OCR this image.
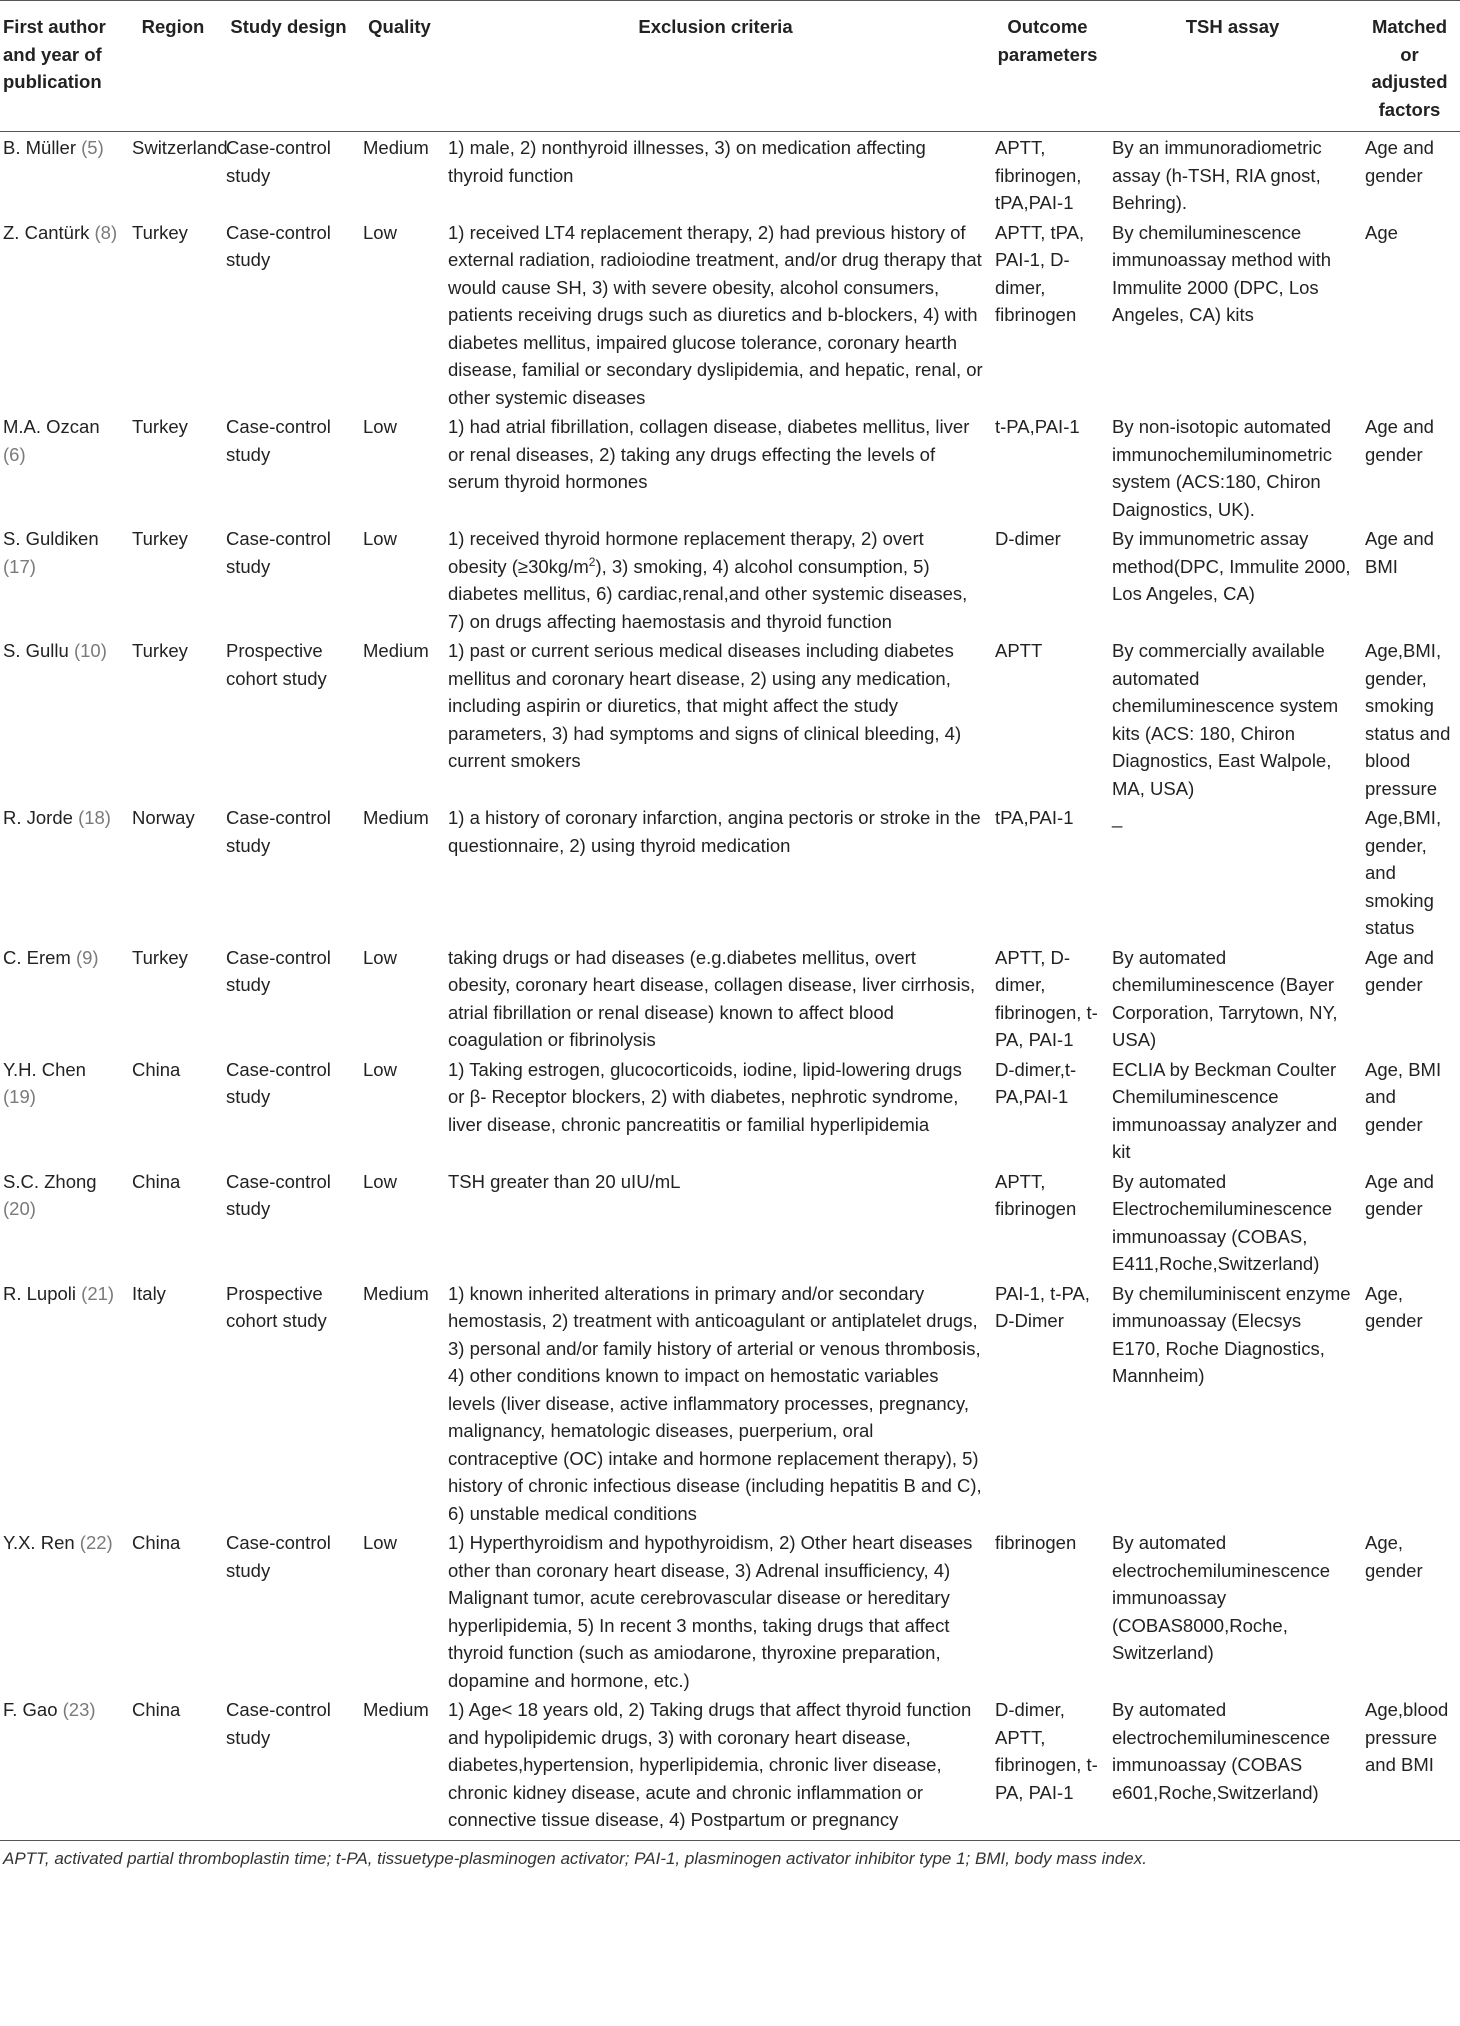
First author and year of publication	Region	Study design	Quality	Exclusion criteria	Outcome parameters	TSH assay	Matched or adjusted factors
B. Müller (5)	Switzerland	Case-control study	Medium	1) male, 2) nonthyroid illnesses, 3) on medication affecting thyroid function	APTT, fibrinogen, tPA,PAI-1	By an immunoradiometric assay (h-TSH, RIA gnost, Behring).	Age and gender
Z. Cantürk (8)	Turkey	Case-control study	Low	1) received LT4 replacement therapy, 2) had previous history of external radiation, radioiodine treatment, and/or drug therapy that would cause SH, 3) with severe obesity, alcohol consumers, patients receiving drugs such as diuretics and b-blockers, 4) with diabetes mellitus, impaired glucose tolerance, coronary hearth disease, familial or secondary dyslipidemia, and hepatic, renal, or other systemic diseases	APTT, tPA, PAI-1, D-dimer, fibrinogen	By chemiluminescence immunoassay method with Immulite 2000 (DPC, Los Angeles, CA) kits	Age
M.A. Ozcan (6)	Turkey	Case-control study	Low	1) had atrial fibrillation, collagen disease, diabetes mellitus, liver or renal diseases, 2) taking any drugs effecting the levels of serum thyroid hormones	t-PA,PAI-1	By non-isotopic automated immunochemiluminometric system (ACS:180, Chiron Daignostics, UK).	Age and gender
S. Guldiken (17)	Turkey	Case-control study	Low	1) received thyroid hormone replacement therapy, 2) overt obesity $(\ge 30kg/m^2)$, 3) smoking, 4) alcohol consumption, 5) diabetes mellitus, 6) cardiac,renal,and other systemic diseases, 7) on drugs affecting haemostasis and thyroid function	D-dimer	By immunometric assay method(DPC, Immulite 2000, Los Angeles, CA)	Age and BMI
S. Gullu (10)	Turkey	Prospective cohort study	Medium	1) past or current serious medical diseases including diabetes mellitus and coronary heart disease, 2) using any medication, including aspirin or diuretics, that might affect the study parameters, 3) had symptoms and signs of clinical bleeding, 4) current smokers	APTT	By commercially available automated chemiluminescence system kits (ACS: 180, Chiron Diagnostics, East Walpole, MA, USA)	Age,BMI, gender, smoking status and blood pressure
R. Jorde (18)	Norway	Case-control study	Medium	1) a history of coronary infarction, angina pectoris or stroke in the questionnaire, 2) using thyroid medication	tPA,PAI-1	_	Age,BMI, gender, and smoking status
C. Erem (9)	Turkey	Case-control study	Low	taking drugs or had diseases (e.g.diabetes mellitus, overt obesity, coronary heart disease, collagen disease, liver cirrhosis, atrial fibrillation or renal disease) known to affect blood coagulation or fibrinolysis	APTT, D-dimer, fibrinogen, t-PA, PAI-1	By automated chemiluminescence (Bayer Corporation, Tarrytown, NY, USA)	Age and gender
Y.H. Chen (19)	China	Case-control study	Low	1) Taking estrogen, glucocorticoids, iodine, lipid-lowering drugs or β- Receptor blockers, 2) with diabetes, nephrotic syndrome, liver disease, chronic pancreatitis or familial hyperlipidemia	D-dimer,t-PA,PAI-1	ECLIA by Beckman Coulter Chemiluminescence immunoassay analyzer and kit	Age, BMI and gender
S.C. Zhong (20)	China	Case-control study	Low	TSH greater than 20 uIU/mL	APTT, fibrinogen	By automated Electrochemiluminescence immunoassay (COBAS, E411,Roche,Switzerland)	Age and gender
R. Lupoli (21)	Italy	Prospective cohort study	Medium	1) known inherited alterations in primary and/or secondary hemostasis, 2) treatment with anticoagulant or antiplatelet drugs, 3) personal and/or family history of arterial or venous thrombosis, 4) other conditions known to impact on hemostatic variables levels (liver disease, active inflammatory processes, pregnancy, malignancy, hematologic diseases, puerperium, oral contraceptive (OC) intake and hormone replacement therapy), 5) history of chronic infectious disease (including hepatitis B and C), 6) unstable medical conditions	PAI-1, t-PA, D-Dimer	By chemiluminiscent enzyme immunoassay (Elecsys E170, Roche Diagnostics, Mannheim)	Age, gender
Y.X. Ren (22)	China	Case-control study	Low	1) Hyperthyroidism and hypothyroidism, 2) Other heart diseases other than coronary heart disease, 3) Adrenal insufficiency, 4) Malignant tumor, acute cerebrovascular disease or hereditary hyperlipidemia, 5) In recent 3 months, taking drugs that affect thyroid function (such as amiodarone, thyroxine preparation, dopamine and hormone, etc.)	fibrinogen	By automated electrochemiluminescence immunoassay (COBAS8000,Roche, Switzerland)	Age, gender
F. Gao (23)	China	Case-control study	Medium	1) Age< 18 years old, 2) Taking drugs that affect thyroid function and hypolipidemic drugs, 3) with coronary heart disease, diabetes,hypertension, hyperlipidemia, chronic liver disease, chronic kidney disease, acute and chronic inflammation or connective tissue disease, 4) Postpartum or pregnancy	D-dimer, APTT, fibrinogen, t-PA, PAI-1	By automated electrochemiluminescence immunoassay (COBAS e601,Roche,Switzerland)	Age,blood pressure and BMI
APTT, activated partial thromboplastin time; t-PA, tissuetype-plasminogen activator; PAI-1, plasminogen activator inhibitor type 1; BMI, body mass index.
